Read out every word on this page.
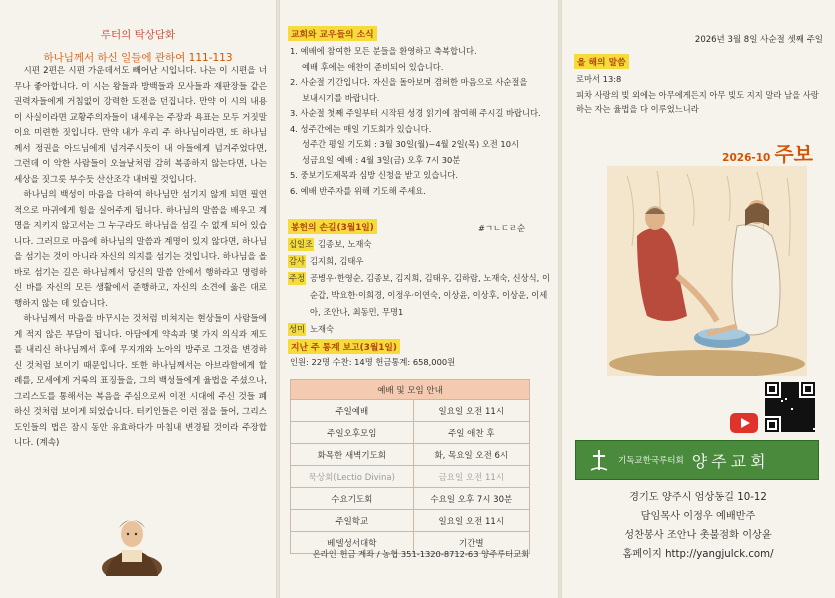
루터의 탁상담화
하나님께서 하신 일들에 관하여 111-113

시편 2편은 시편 가운데서도 빼어난 시입니다. 나는 이 시편을 너무나 좋아합니다. 이 시는 왕들과 방백들과 모사들과 재판장들 같은 권력자들에게 거침없이 강력한 도전을 던집니다. 만약 이 시의 내용이 사실이라면 교황주의자들이 내세우는 주장과 욕표는 모두 거짓말이요 미련한 짓입니다. 만약 내가 우리 주 하나님이라면, 또 하나님께서 정권을 아드님에게 넘겨주시듯이 내 아들에게 넘겨주었다면, 그런데 이 악한 사람들이 오늘날처럼 감히 복종하지 않는다면, 나는 세상을 짓그릇 부수듯 산산조각 내버릴 것입니다.

하나님의 백성이 마음을 다하여 하나님만 섬기지 않게 되면 필연적으로 마귀에게 힘을 실어주게 됩니다. 하나님의 말씀을 배우고 계명을 지키지 않고서는 그 누구라도 하나님을 섬길 수 없게 되어 있습니다. 그러므로 마음에 하나님의 말씀과 계명이 있지 않다면, 하나님을 섬기는 것이 아니라 자신의 의지를 섬기는 것입니다. 하나님을 올바로 섬기는 길은 하나님께서 당신의 말씀 안에서 행하라고 명령하신 바를 자신의 모든 생활에서 준행하고, 자신의 소견에 옳은 대로 행하지 않는 데 있습니다.

하나님께서 마음을 바꾸시는 것처럼 비쳐지는 현상들이 사람들에게 적지 않은 부담이 됩니다. 아담에게 약속과 몇 가지 의식과 제도를 내리신 하나님께서 후에 무지개와 노아의 방주로 그것을 변경하신 것처럼 보이기 때문입니다. 또한 하나님께서는 아브라함에게 할례를, 모세에게 거룩의 표징들을, 그의 백성들에게 율법을 주셨으나, 그리스도를 통해서는 복음을 주심으로써 이전 시대에 주신 것들 폐하신 것처럼 보이게 되었습니다. 터키인들은 이런 점을 들어, 그리스도인들의 법은 잠시 동안 유효하다가 마침내 변경될 것이라 주장합니다. (계속)

교회와 교우들의 소식
1. 예배에 참여한 모든 분들을 환영하고 축복합니다.
예배 후에는 애찬이 준비되어 있습니다.
2. 사순절 기간입니다. 자신을 돌아보며 겸허한 마음으로 사순절을
보내시기를 바랍니다.
3. 사순절 첫째 주일부터 시작된 성경 읽기에 참여해 주시길 바랍니다.
4. 성주간에는 매일 기도회가 있습니다.
성주간 평일 기도회 : 3월 30일(월)~4월 2일(목) 오전 10시
성금요일 예배 : 4월 3일(금) 오후 7시 30분
5. 중보기도제목과 심방 신청을 받고 있습니다.
6. 예배 반주자를 위해 기도해 주세요.
봉헌의 손길(3월1일)	#ㄱㄴㄷㄹ순
십일조 김종보, 노재숙
감사 김지희, 김태우
주정 공병우·한영순, 김종보, 김지희, 김태우, 김하람, 노재숙, 신상식, 이순갑, 박요한·이희경, 이정우·이연숙, 이상윤, 이상후, 이상운, 이세아, 조안나, 최동민, 무명1
성미 노재숙
지난 주 통계 보고(3월1일)
인원: 22명 수찬: 14명 헌금통계: 658,000원
예배 및 모임 안내	
주일예배	일요일 오전 11시
주일오후모임	주일 애찬 후
화목한 새벽기도회	화, 목요일 오전 6시
묵상회(Lectio Divina)	금요일 오전 11시
수요기도회	수요일 오후 7시 30분
주일학교	일요일 오전 11시
베델성서대학	기간별
온라인 헌금 계좌 / 농협 351-1320-8712-63 양주루터교회
2026년 3월 8일 사순절 셋째 주일
올 해의 말씀
로마서 13:8
피차 사랑의 빚 외에는 아무에게든지 아무 빚도 지지 말라 남을 사랑하는 자는 율법을 다 이루었느니라
2026-10 주보
기독교한국루터회 양주교회
경기도 양주시 엄상동길 10-12
담임목사 이정우 예배반주
성찬봉사 조안나 촛불점화 이상윤
홈페이지 http://yangjulck.com/
